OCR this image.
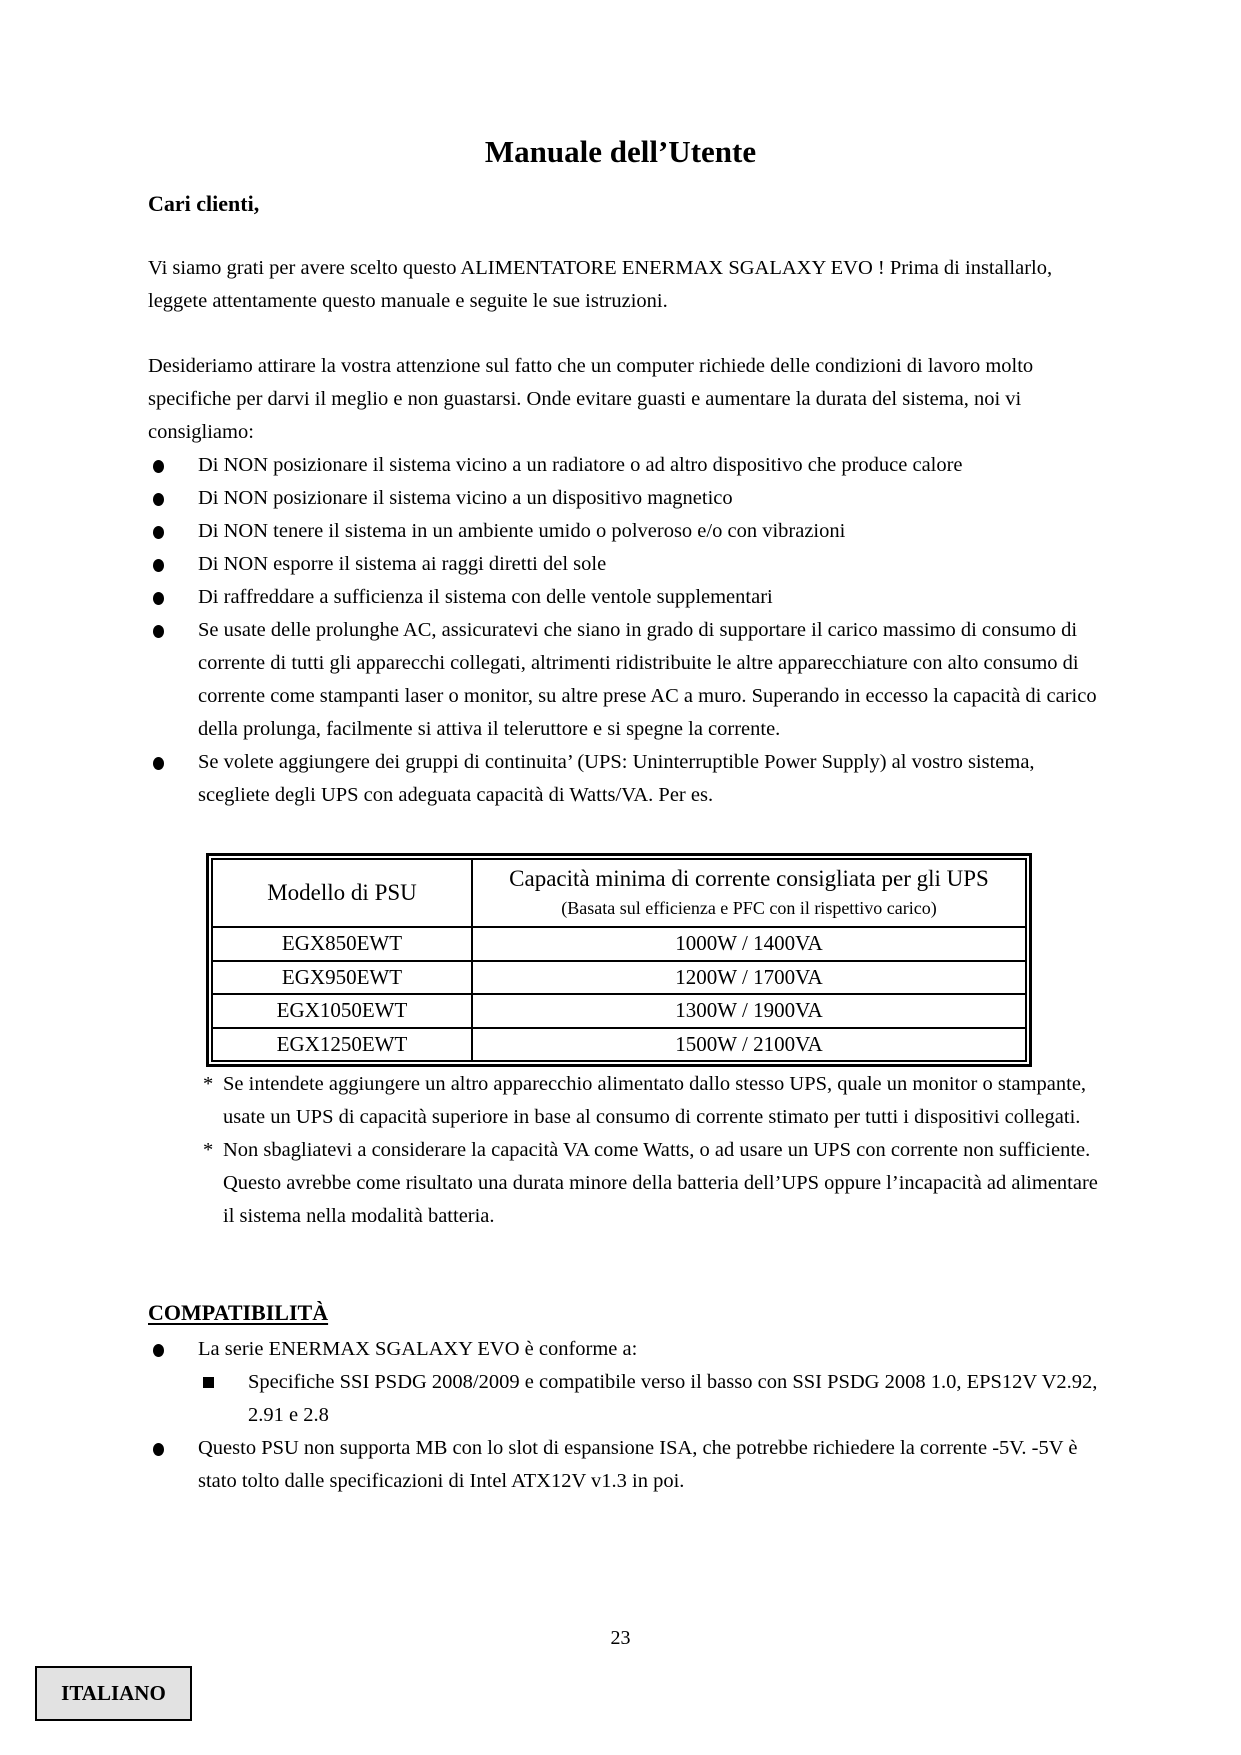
Manuale dell’Utente
Cari clienti,

Vi siamo grati per avere scelto questo ALIMENTATORE ENERMAX SGALAXY EVO ! Prima di installarlo, leggete attentamente questo manuale e seguite le sue istruzioni.

Desideriamo attirare la vostra attenzione sul fatto che un computer richiede delle condizioni di lavoro molto specifiche per darvi il meglio e non guastarsi. Onde evitare guasti e aumentare la durata del sistema, noi vi consigliamo:

Di NON posizionare il sistema vicino a un radiatore o ad altro dispositivo che produce calore
Di NON posizionare il sistema vicino a un dispositivo magnetico
Di NON tenere il sistema in un ambiente umido o polveroso e/o con vibrazioni
Di NON esporre il sistema ai raggi diretti del sole
Di raffreddare a sufficienza il sistema con delle ventole supplementari
Se usate delle prolunghe AC, assicuratevi che siano in grado di supportare il carico massimo di consumo di corrente di tutti gli apparecchi collegati, altrimenti ridistribuite le altre apparecchiature con alto consumo di corrente come stampanti laser o monitor, su altre prese AC a muro. Superando in eccesso la capacità di carico della prolunga, facilmente si attiva il teleruttore e si spegne la corrente.
Se volete aggiungere dei gruppi di continuita’ (UPS: Uninterruptible Power Supply) al vostro sistema, scegliete degli UPS con adeguata capacità di Watts/VA. Per es.
Modello di PSU	Capacità minima di corrente consigliata per gli UPS
(Basata sul efficienza e PFC con il rispettivo carico)

EGX850EWT	1000W / 1400VA
EGX950EWT	1200W / 1700VA
EGX1050EWT	1300W / 1900VA
EGX1250EWT	1500W / 2100VA
* Se intendete aggiungere un altro apparecchio alimentato dallo stesso UPS, quale un monitor o stampante, usate un UPS di capacità superiore in base al consumo di corrente stimato per tutti i dispositivi collegati.
* Non sbagliatevi a considerare la capacità VA come Watts, o ad usare un UPS con corrente non sufficiente. Questo avrebbe come risultato una durata minore della batteria dell’UPS oppure l’incapacità ad alimentare il sistema nella modalità batteria.
COMPATIBILITÀ
La serie ENERMAX SGALAXY EVO è conforme a:
Specifiche SSI PSDG 2008/2009 e compatibile verso il basso con SSI PSDG 2008 1.0, EPS12V V2.92, 2.91 e 2.8
Questo PSU non supporta MB con lo slot di espansione ISA, che potrebbe richiedere la corrente -5V. -5V è stato tolto dalle specificazioni di Intel ATX12V v1.3 in poi.
23
ITALIANO
